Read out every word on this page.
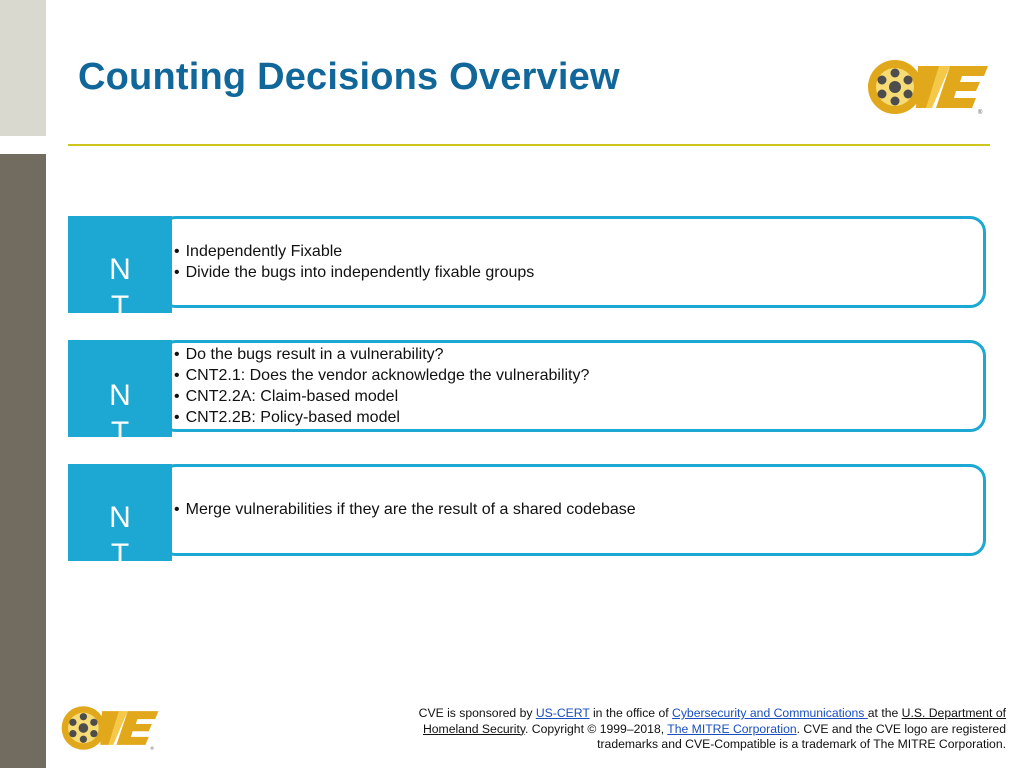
Counting Decisions Overview
®
N
T
• Independently Fixable
• Divide the bugs into independently fixable groups
N
T
• Do the bugs result in a vulnerability?
• CNT2.1: Does the vendor acknowledge the vulnerability?
• CNT2.2A: Claim-based model
• CNT2.2B: Policy-based model
N
T
3
• Merge vulnerabilities if they are the result of a shared codebase
®
CVE is sponsored by US-CERT in the office of Cybersecurity and Communications at the U.S. Department of Homeland Security. Copyright © 1999–2018, The MITRE Corporation. CVE and the CVE logo are registered trademarks and CVE-Compatible is a trademark of The MITRE Corporation.
